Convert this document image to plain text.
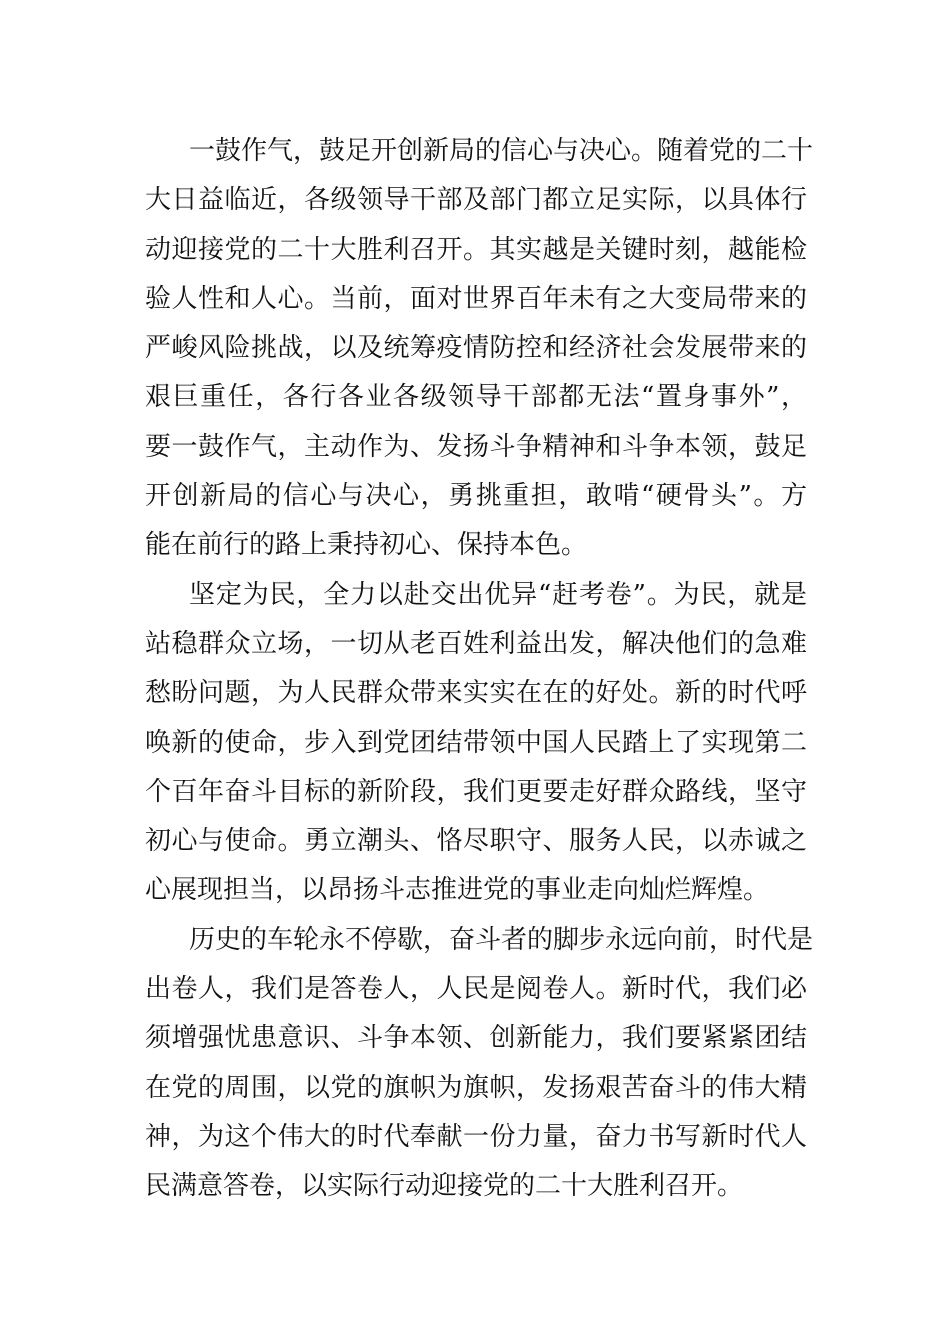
一鼓作气，鼓足开创新局的信心与决心。随着党的二十
大日益临近，各级领导干部及部门都立足实际，以具体行
动迎接党的二十大胜利召开。其实越是关键时刻，越能检
验人性和人心。当前，面对世界百年未有之大变局带来的
严峻风险挑战，以及统筹疫情防控和经济社会发展带来的
艰巨重任，各行各业各级领导干部都无法“置身事外”，
要一鼓作气，主动作为、发扬斗争精神和斗争本领，鼓足
开创新局的信心与决心，勇挑重担，敢啃“硬骨头”。方
能在前行的路上秉持初心、保持本色。
坚定为民，全力以赴交出优异“赶考卷”。为民，就是
站稳群众立场，一切从老百姓利益出发，解决他们的急难
愁盼问题，为人民群众带来实实在在的好处。新的时代呼
唤新的使命，步入到党团结带领中国人民踏上了实现第二
个百年奋斗目标的新阶段，我们更要走好群众路线，坚守
初心与使命。勇立潮头、恪尽职守、服务人民，以赤诚之
心展现担当，以昂扬斗志推进党的事业走向灿烂辉煌。
历史的车轮永不停歇，奋斗者的脚步永远向前，时代是
出卷人，我们是答卷人，人民是阅卷人。新时代，我们必
须增强忧患意识、斗争本领、创新能力，我们要紧紧团结
在党的周围，以党的旗帜为旗帜，发扬艰苦奋斗的伟大精
神，为这个伟大的时代奉献一份力量，奋力书写新时代人
民满意答卷，以实际行动迎接党的二十大胜利召开。
